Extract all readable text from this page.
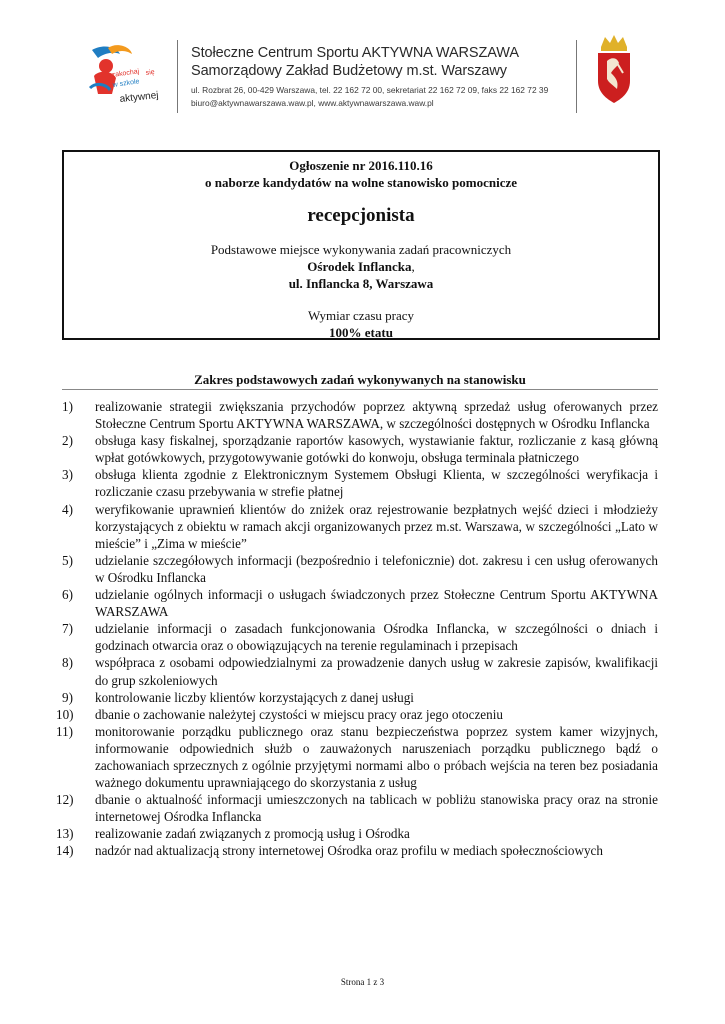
zakochaj się
w szkole
aktywnej
Stołeczne Centrum Sportu AKTYWNA WARSZAWA
Samorządowy Zakład Budżetowy m.st. Warszawy
ul. Rozbrat 26, 00-429 Warszawa, tel. 22 162 72 00, sekretariat 22 162 72 09, faks 22 162 72 39
biuro@aktywnawarszawa.waw.pl, www.aktywnawarszawa.waw.pl
Ogłoszenie nr 2016.110.16
o naborze kandydatów na wolne stanowisko pomocnicze
recepcjonista
Podstawowe miejsce wykonywania zadań pracowniczych
Ośrodek Inflancka,
ul. Inflancka 8, Warszawa
Wymiar czasu pracy
100% etatu
Zakres podstawowych zadań wykonywanych na stanowisku
1)	realizowanie strategii zwiększania przychodów poprzez aktywną sprzedaż usług oferowanych przez Stołeczne Centrum Sportu AKTYWNA WARSZAWA, w szczególności dostępnych w Ośrodku Inflancka
2)	obsługa kasy fiskalnej, sporządzanie raportów kasowych, wystawianie faktur, rozliczanie z kasą główną wpłat gotówkowych, przygotowywanie gotówki do konwoju, obsługa terminala płatniczego
3)	obsługa klienta zgodnie z Elektronicznym Systemem Obsługi Klienta, w szczególności weryfikacja i rozliczanie czasu przebywania w strefie płatnej
4)	weryfikowanie uprawnień klientów do zniżek oraz rejestrowanie bezpłatnych wejść dzieci i młodzieży korzystających z obiektu w ramach akcji organizowanych przez m.st. Warszawa, w szczególności „Lato w mieście” i „Zima w mieście”
5)	udzielanie szczegółowych informacji (bezpośrednio i telefonicznie) dot. zakresu i cen usług oferowanych w Ośrodku Inflancka
6)	udzielanie ogólnych informacji o usługach świadczonych przez Stołeczne Centrum Sportu AKTYWNA WARSZAWA
7)	udzielanie informacji o zasadach funkcjonowania Ośrodka Inflancka, w szczególności o dniach i godzinach otwarcia oraz o obowiązujących na terenie regulaminach i przepisach
8)	współpraca z osobami odpowiedzialnymi za prowadzenie danych usług w zakresie zapisów, kwalifikacji do grup szkoleniowych
9)	kontrolowanie liczby klientów korzystających z danej usługi
10)	dbanie o zachowanie należytej czystości w miejscu pracy oraz jego otoczeniu
11)	monitorowanie porządku publicznego oraz stanu bezpieczeństwa poprzez system kamer wizyjnych, informowanie odpowiednich służb o zauważonych naruszeniach porządku publicznego bądź o zachowaniach sprzecznych z ogólnie przyjętymi normami albo o próbach wejścia na teren bez posiadania ważnego dokumentu uprawniającego do skorzystania z usług
12)	dbanie o aktualność informacji umieszczonych na tablicach w pobliżu stanowiska pracy oraz na stronie internetowej Ośrodka Inflancka
13)	realizowanie zadań związanych z promocją usług i Ośrodka
14)	nadzór nad aktualizacją strony internetowej Ośrodka oraz profilu w mediach społecznościowych
Strona 1 z 3
